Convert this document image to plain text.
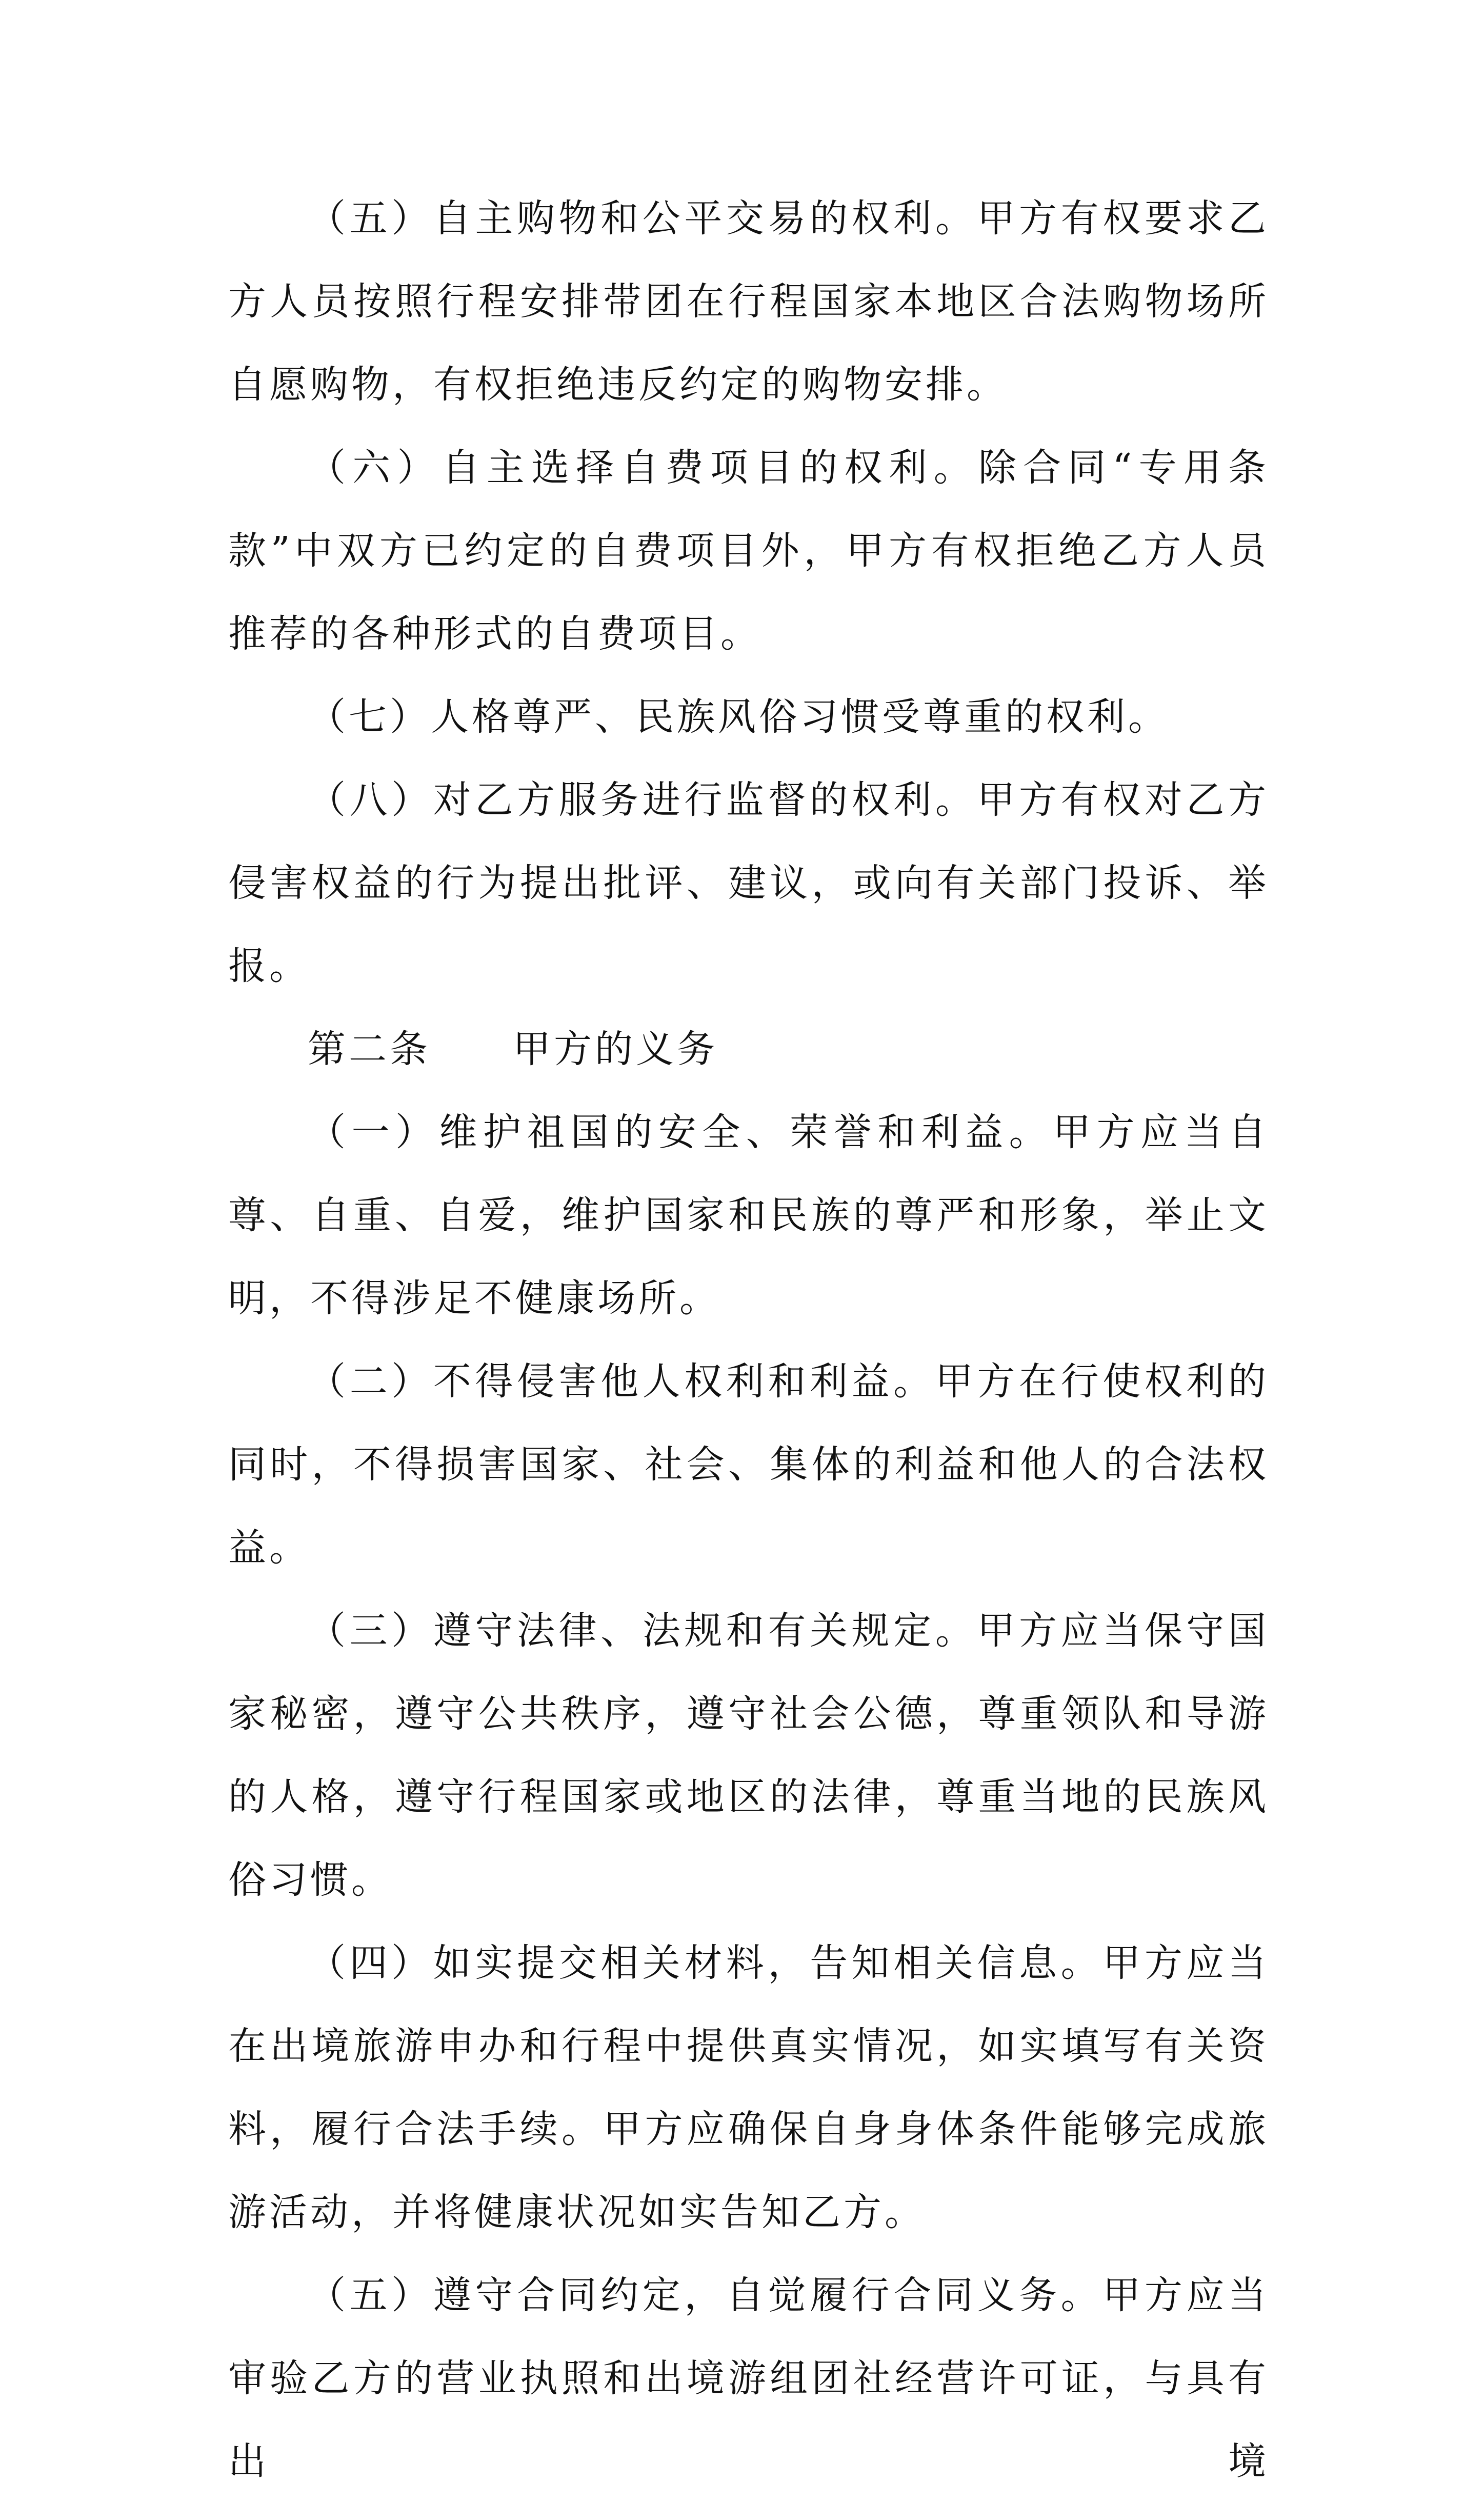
（五）自主购物和公平交易的权利。甲方有权要求乙方人员按照行程安排带团在行程国家本地区合法购物场所自愿购物，有权拒绝违反约定的购物安排。

（六）自主选择自费项目的权利。除合同“专用条款”中双方已约定的自费项目外，甲方有权拒绝乙方人员推荐的各种形式的自费项目。

（七）人格尊严、民族风俗习惯受尊重的权利。

（八）对乙方服务进行监督的权利。甲方有权对乙方侵害权益的行为提出批评、建议，或向有关部门投诉、举报。

第二条　　甲方的义务

（一）维护祖国的安全、荣誉和利益。甲方应当自尊、自重、自爱，维护国家和民族的尊严和形象，举止文明，不得涉足不健康场所。

（二）不得侵害他人权利和利益。甲方在行使权利的同时，不得损害国家、社会、集体的利益和他人的合法权益。

（三）遵守法律、法规和有关规定。甲方应当保守国家秘密，遵守公共秩序，遵守社会公德，尊重领队和导游的人格，遵守行程国家或地区的法律，尊重当地的民族风俗习惯。

（四）如实提交相关材料，告知相关信息。甲方应当在出境旅游申办和行程中提供真实情况，如实填写有关资料，履行合法手续。甲方应确保自身身体条件能够完成旅游活动，并将健康状况如实告知乙方。

（五）遵守合同约定，自觉履行合同义务。甲方应当审验乙方的营业执照和出境游组团社经营许可证，与具有出境
